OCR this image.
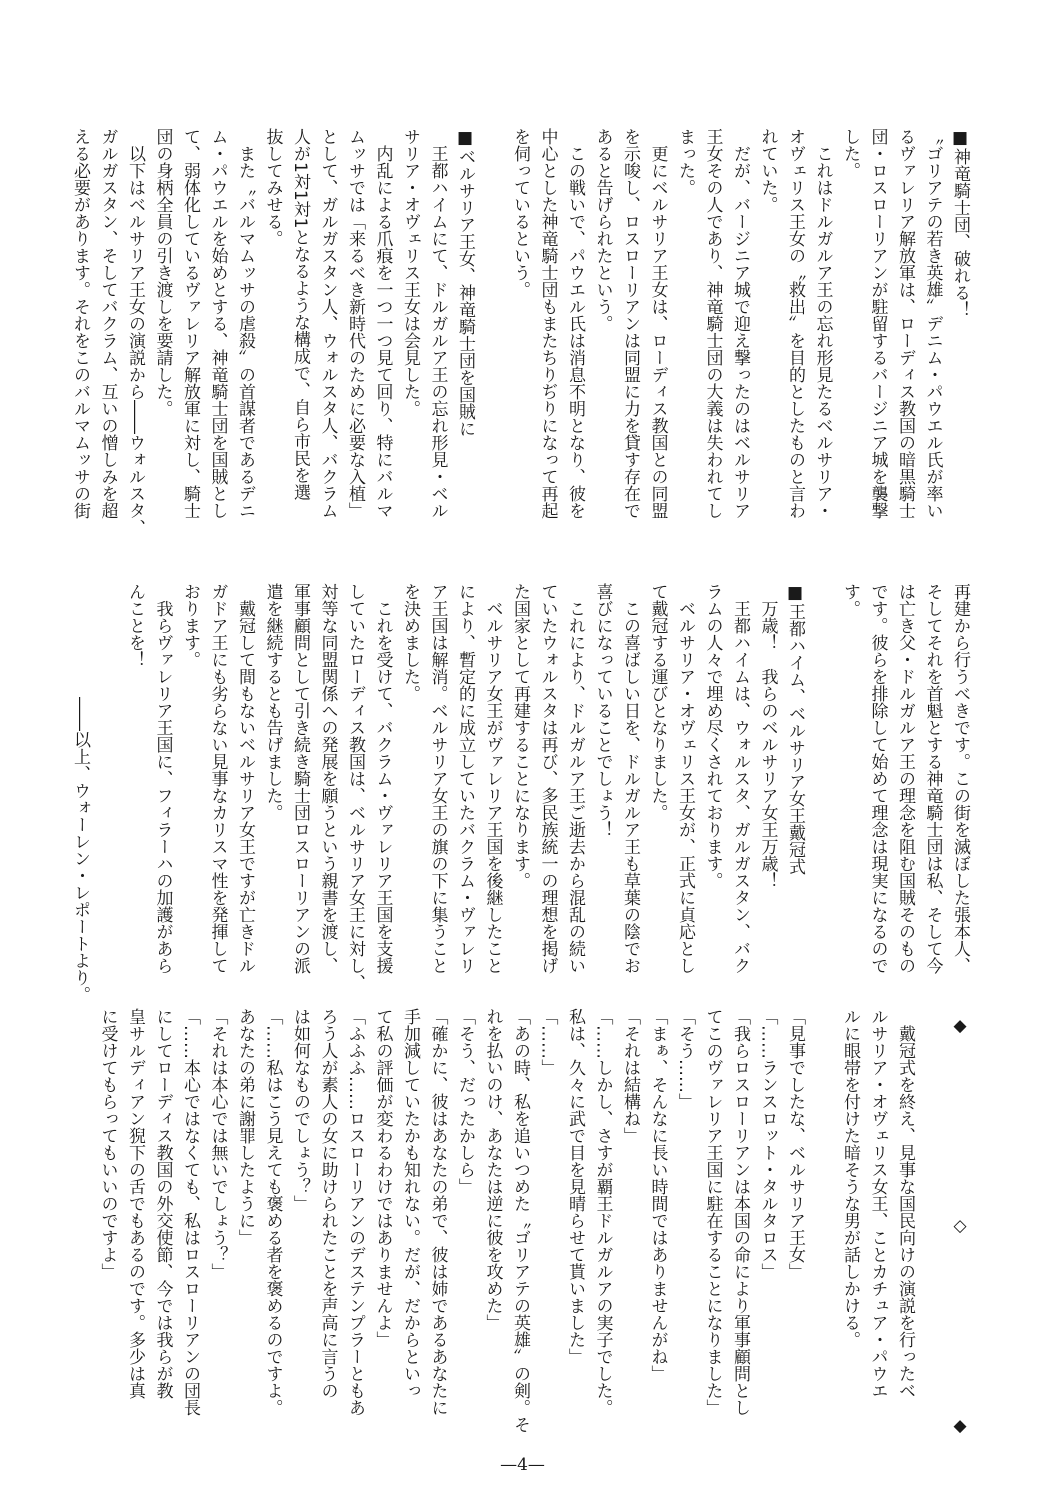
■神竜騎士団、破れる！
〝ゴリアテの若き英雄〟デニム・パウエル氏が率い
るヴァレリア解放軍は、ローディス教国の暗黒騎士
団・ロスローリアンが駐留するバージニア城を襲撃
した。
　これはドルガルア王の忘れ形見たるベルサリア・
オヴェリス王女の〝救出〟を目的としたものと言わ
れていた。
　だが、バージニア城で迎え撃ったのはベルサリア
王女その人であり、神竜騎士団の大義は失われてし
まった。
　更にベルサリア王女は、ローディス教国との同盟
を示唆し、ロスローリアンは同盟に力を貸す存在で
あると告げられたという。
　この戦いで、パウエル氏は消息不明となり、彼を
中心とした神竜騎士団もまたちりぢりになって再起
を伺っているという。
■ベルサリア王女、神竜騎士団を国賊に
　王都ハイムにて、ドルガルア王の忘れ形見・ベル
サリア・オヴェリス王女は会見した。
　内乱による爪痕を一つ一つ見て回り、特にバルマ
ムッサでは「来るべき新時代のために必要な入植」
として、ガルガスタン人、ウォルスタ人、バクラム
人が1対1対1となるような構成で、自ら市民を選
抜してみせる。
　また〝バルマムッサの虐殺〟の首謀者であるデニ
ム・パウエルを始めとする、神竜騎士団を国賊とし
て、弱体化しているヴァレリア解放軍に対し、騎士
団の身柄全員の引き渡しを要請した。
　以下はベルサリア王女の演説から――ウォルスタ、
ガルガスタン、そしてバクラム、互いの憎しみを超
える必要があります。それをこのバルマムッサの街
再建から行うべきです。この街を滅ぼした張本人、
そしてそれを首魁とする神竜騎士団は私、そして今
は亡き父・ドルガルア王の理念を阻む国賊そのもの
です。彼らを排除して始めて理念は現実になるので
す。
■王都ハイム、ベルサリア女王戴冠式
　万歳！　我らのベルサリア女王万歳！
　王都ハイムは、ウォルスタ、ガルガスタン、バク
ラムの人々で埋め尽くされております。
　ベルサリア・オヴェリス王女が、正式に貞応とし
て戴冠する運びとなりました。
　この喜ばしい日を、ドルガルア王も草葉の陰でお
喜びになっていることでしょう！
　これにより、ドルガルア王ご逝去から混乱の続い
ていたウォルスタは再び、多民族統一の理想を掲げ
た国家として再建することになります。
　ベルサリア女王がヴァレリア王国を後継したこと
により、暫定的に成立していたバクラム・ヴァレリ
ア王国は解消。ベルサリア女王の旗の下に集うこと
を決めました。
　これを受けて、バクラム・ヴァレリア王国を支援
していたローディス教国は、ベルサリア女王に対し、
対等な同盟関係への発展を願うという親書を渡し、
軍事顧問として引き続き騎士団ロスローリアンの派
遣を継続するとも告げました。
　戴冠して間もないベルサリア女王ですが亡きドル
ガドア王にも劣らない見事なカリスマ性を発揮して
おります。
　我らヴァレリア王国に、フィラーハの加護があら
んことを！
――以上、ウォーレン・レポートより。
◆
◇
◆
　戴冠式を終え、見事な国民向けの演説を行ったベ
ルサリア・オヴェリス女王、ことカチュア・パウエ
ルに眼帯を付けた暗そうな男が話しかける。
「見事でしたな、ベルサリア王女」
「……ランスロット・タルタロス」
「我らロスローリアンは本国の命により軍事顧問とし
てこのヴァレリア王国に駐在することになりました」
「そう……」
「まぁ、そんなに長い時間ではありませんがね」
「それは結構ね」
「……しかし、さすが覇王ドルガルアの実子でした。
私は、久々に武で目を見晴らせて貰いました」
「……」
「あの時、私を追いつめた〝ゴリアテの英雄〟の剣。そ
れを払いのけ、あなたは逆に彼を攻めた」
「そう、だったかしら」
「確かに、彼はあなたの弟で、彼は姉であるあなたに
手加減していたかも知れない。だが、だからといっ
て私の評価が変わるわけではありませんよ」
「ふふふ……ロスローリアンのデステンプラーともあ
ろう人が素人の女に助けられたことを声高に言うの
は如何なものでしょう？」
「……私はこう見えても褒める者を褒めるのですよ。
あなたの弟に謝罪したように」
「それは本心では無いでしょう？」
「……本心ではなくても、私はロスローリアンの団長
にしてローディス教国の外交使節、今では我らが教
皇サルディアン猊下の舌でもあるのです。多少は真
に受けてもらってもいいのですよ」
—4—
